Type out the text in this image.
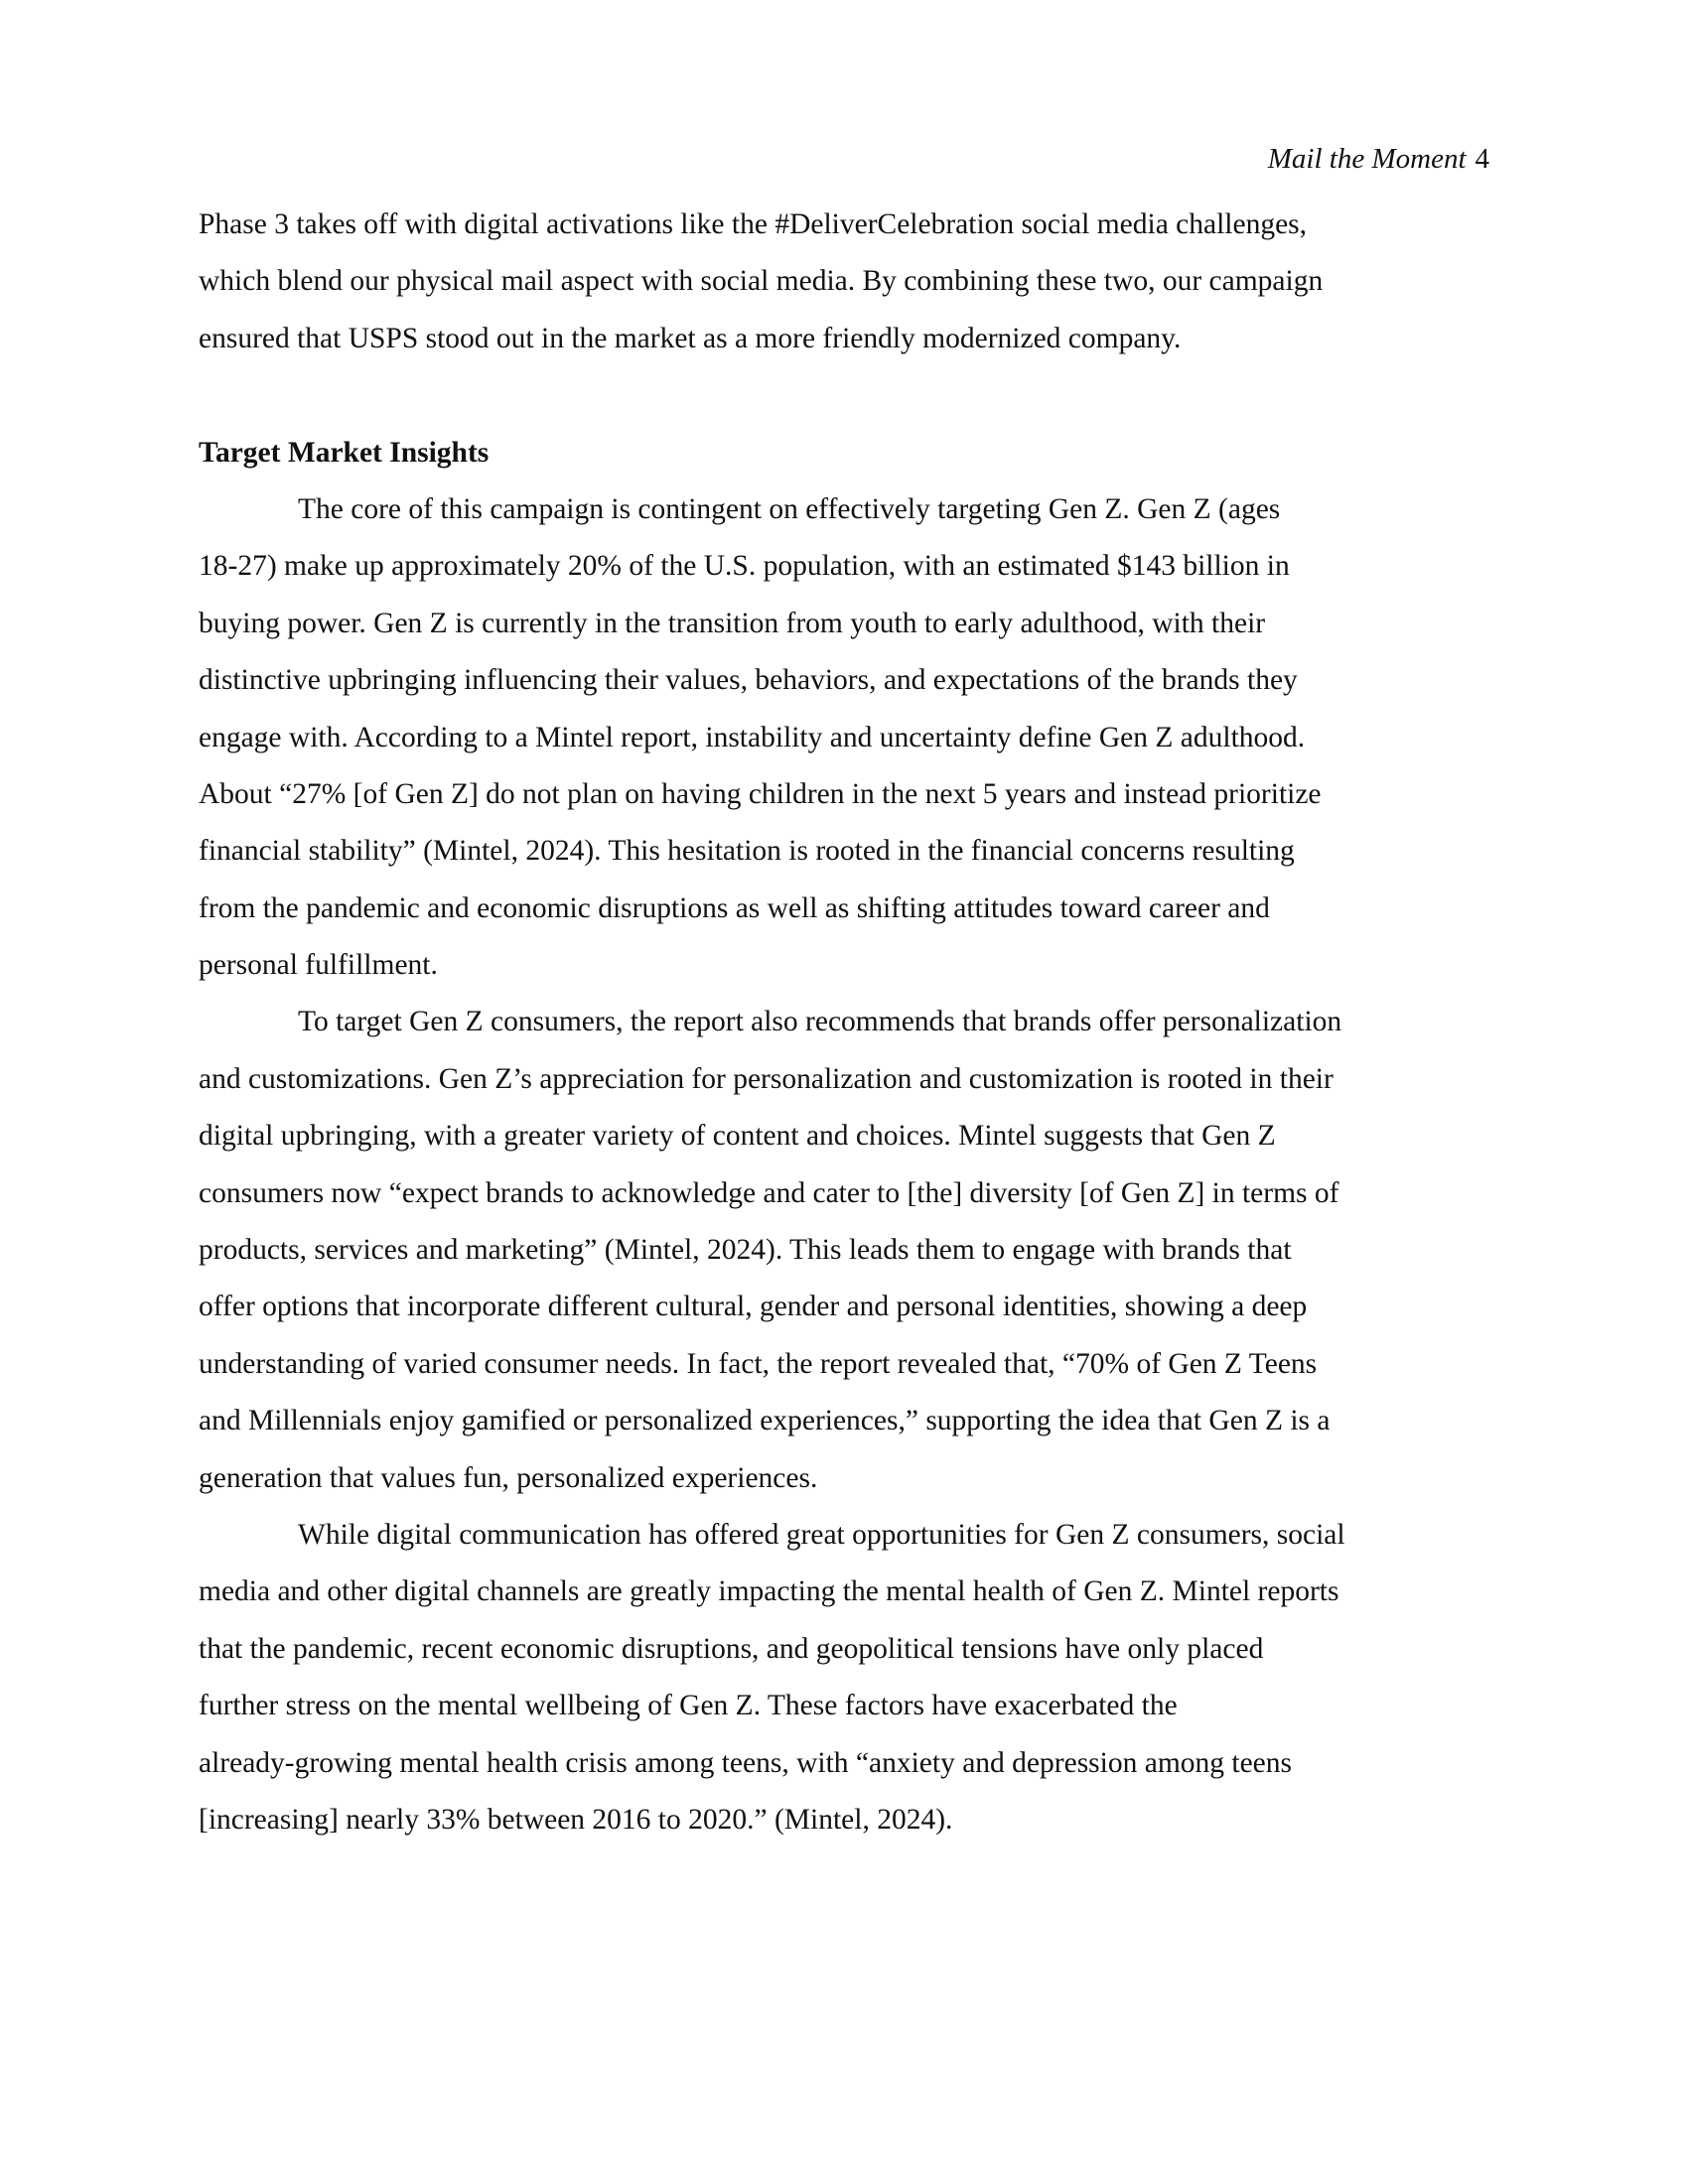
Mail the Moment 4
Phase 3 takes off with digital activations like the #DeliverCelebration social media challenges,
which blend our physical mail aspect with social media. By combining these two, our campaign
ensured that USPS stood out in the market as a more friendly modernized company.
Target Market Insights
The core of this campaign is contingent on effectively targeting Gen Z. Gen Z (ages
18-27) make up approximately 20% of the U.S. population, with an estimated $143 billion in
buying power. Gen Z is currently in the transition from youth to early adulthood, with their
distinctive upbringing influencing their values, behaviors, and expectations of the brands they
engage with. According to a Mintel report, instability and uncertainty define Gen Z adulthood.
About “27% [of Gen Z] do not plan on having children in the next 5 years and instead prioritize
financial stability” (Mintel, 2024). This hesitation is rooted in the financial concerns resulting
from the pandemic and economic disruptions as well as shifting attitudes toward career and
personal fulfillment.
To target Gen Z consumers, the report also recommends that brands offer personalization
and customizations. Gen Z’s appreciation for personalization and customization is rooted in their
digital upbringing, with a greater variety of content and choices. Mintel suggests that Gen Z
consumers now “expect brands to acknowledge and cater to [the] diversity [of Gen Z] in terms of
products, services and marketing” (Mintel, 2024). This leads them to engage with brands that
offer options that incorporate different cultural, gender and personal identities, showing a deep
understanding of varied consumer needs. In fact, the report revealed that, “70% of Gen Z Teens
and Millennials enjoy gamified or personalized experiences,” supporting the idea that Gen Z is a
generation that values fun, personalized experiences.
While digital communication has offered great opportunities for Gen Z consumers, social
media and other digital channels are greatly impacting the mental health of Gen Z. Mintel reports
that the pandemic, recent economic disruptions, and geopolitical tensions have only placed
further stress on the mental wellbeing of Gen Z. These factors have exacerbated the
already-growing mental health crisis among teens, with “anxiety and depression among teens
[increasing] nearly 33% between 2016 to 2020.” (Mintel, 2024).
